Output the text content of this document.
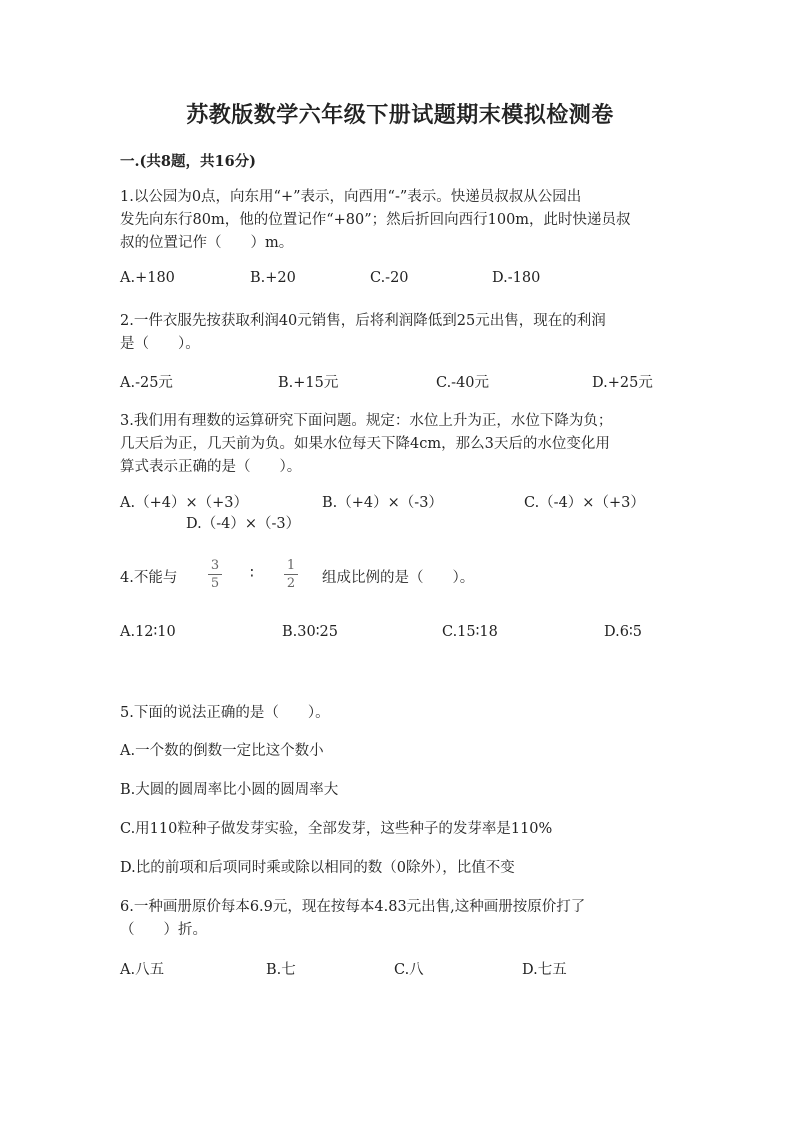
苏教版数学六年级下册试题期末模拟检测卷
一.(共8题，共16分)
1.以公园为0点，向东用“+”表示，向西用“-”表示。快递员叔叔从公园出
发先向东行80m，他的位置记作“+80”；然后折回向西行100m，此时快递员叔
叔的位置记作（　　）m。
A.+180	B.+20	C.-20	D.-180
2.一件衣服先按获取利润40元销售，后将利润降低到25元出售，现在的利润
是（　　）。
A.-25元	B.+15元	C.-40元	D.+25元
3.我们用有理数的运算研究下面问题。规定：水位上升为正，水位下降为负；
几天后为正，几天前为负。如果水位每天下降4cm，那么3天后的水位变化用
算式表示正确的是（　　）。
A.（+4）×（+3）	B.（+4）×（-3）	C.（-4）×（+3）
D.（-4）×（-3）
4.不能与
3
5
∶
1
2 组成比例的是（　　）。
A.12∶10	B.30∶25	C.15∶18	D.6∶5
5.下面的说法正确的是（　　）。
A.一个数的倒数一定比这个数小
B.大圆的圆周率比小圆的圆周率大
C.用110粒种子做发芽实验，全部发芽，这些种子的发芽率是110%
D.比的前项和后项同时乘或除以相同的数（0除外），比值不变
6.一种画册原价每本6.9元，现在按每本4.83元出售,这种画册按原价打了
（　　）折。
A.八五	B.七	C.八	D.七五
